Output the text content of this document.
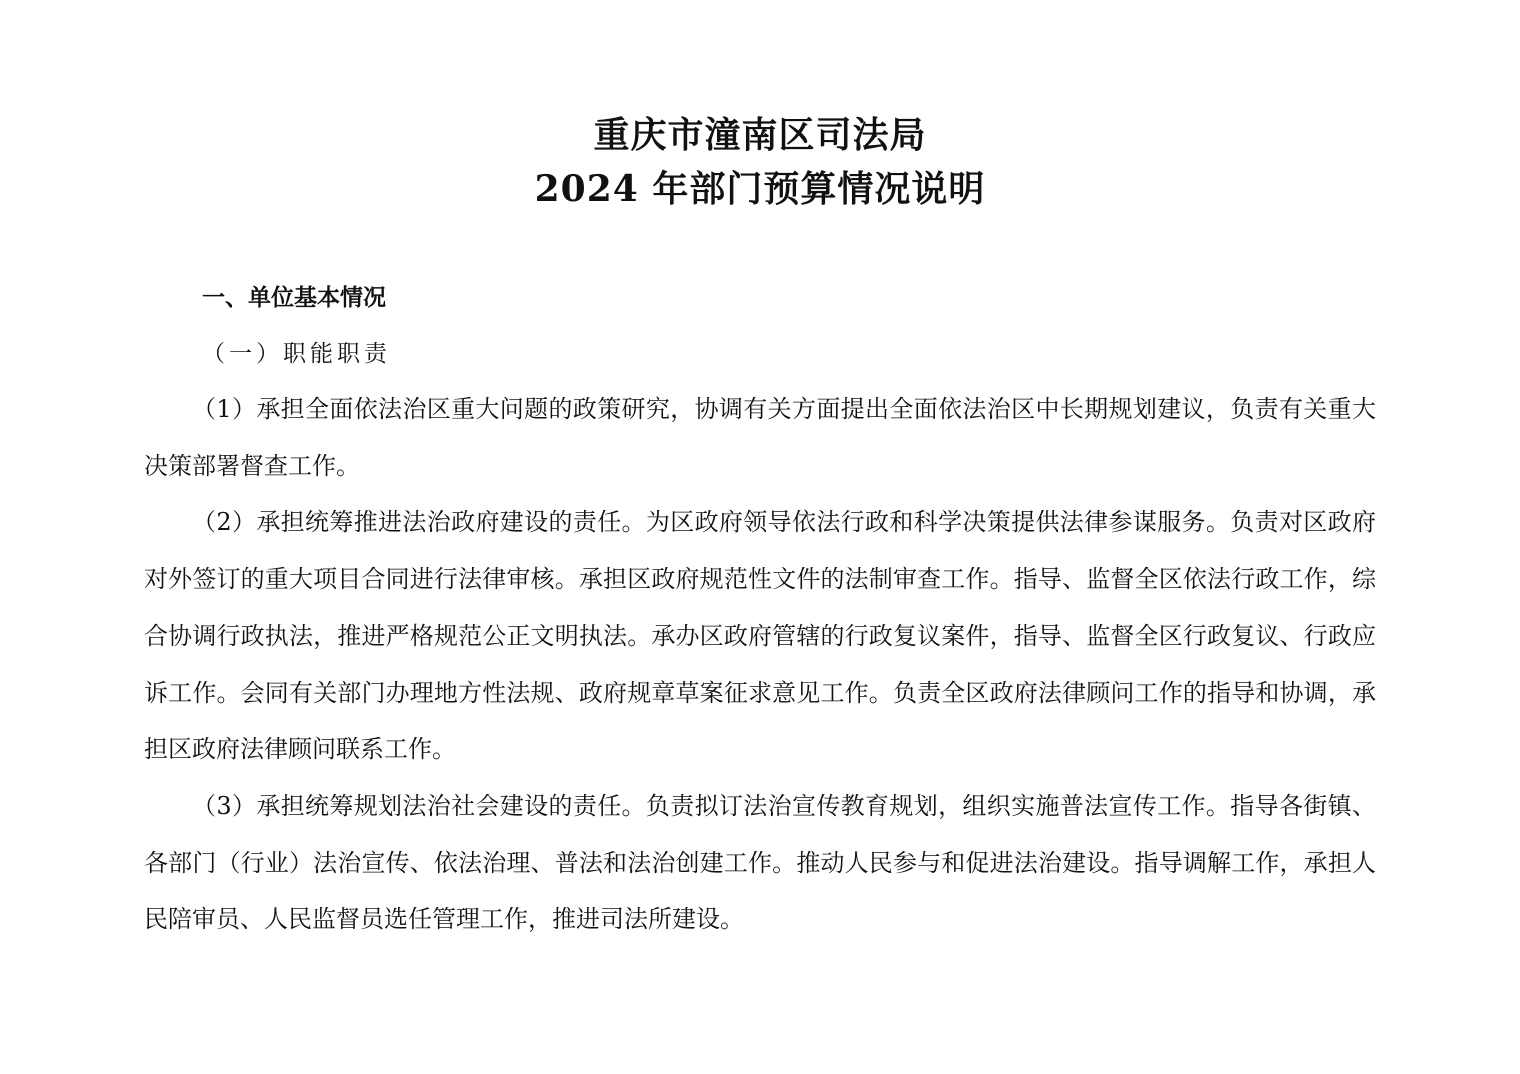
重庆市潼南区司法局
2024 年部门预算情况说明
一、单位基本情况
（一）职能职责

（1）承担全面依法治区重大问题的政策研究，协调有关方面提出全面依法治区中长期规划建议，负责有关重大决策部署督查工作。

（2）承担统筹推进法治政府建设的责任。为区政府领导依法行政和科学决策提供法律参谋服务。负责对区政府对外签订的重大项目合同进行法律审核。承担区政府规范性文件的法制审查工作。指导、监督全区依法行政工作，综合协调行政执法，推进严格规范公正文明执法。承办区政府管辖的行政复议案件，指导、监督全区行政复议、行政应诉工作。会同有关部门办理地方性法规、政府规章草案征求意见工作。负责全区政府法律顾问工作的指导和协调，承担区政府法律顾问联系工作。

（3）承担统筹规划法治社会建设的责任。负责拟订法治宣传教育规划，组织实施普法宣传工作。指导各街镇、各部门（行业）法治宣传、依法治理、普法和法治创建工作。推动人民参与和促进法治建设。指导调解工作，承担人民陪审员、人民监督员选任管理工作，推进司法所建设。
